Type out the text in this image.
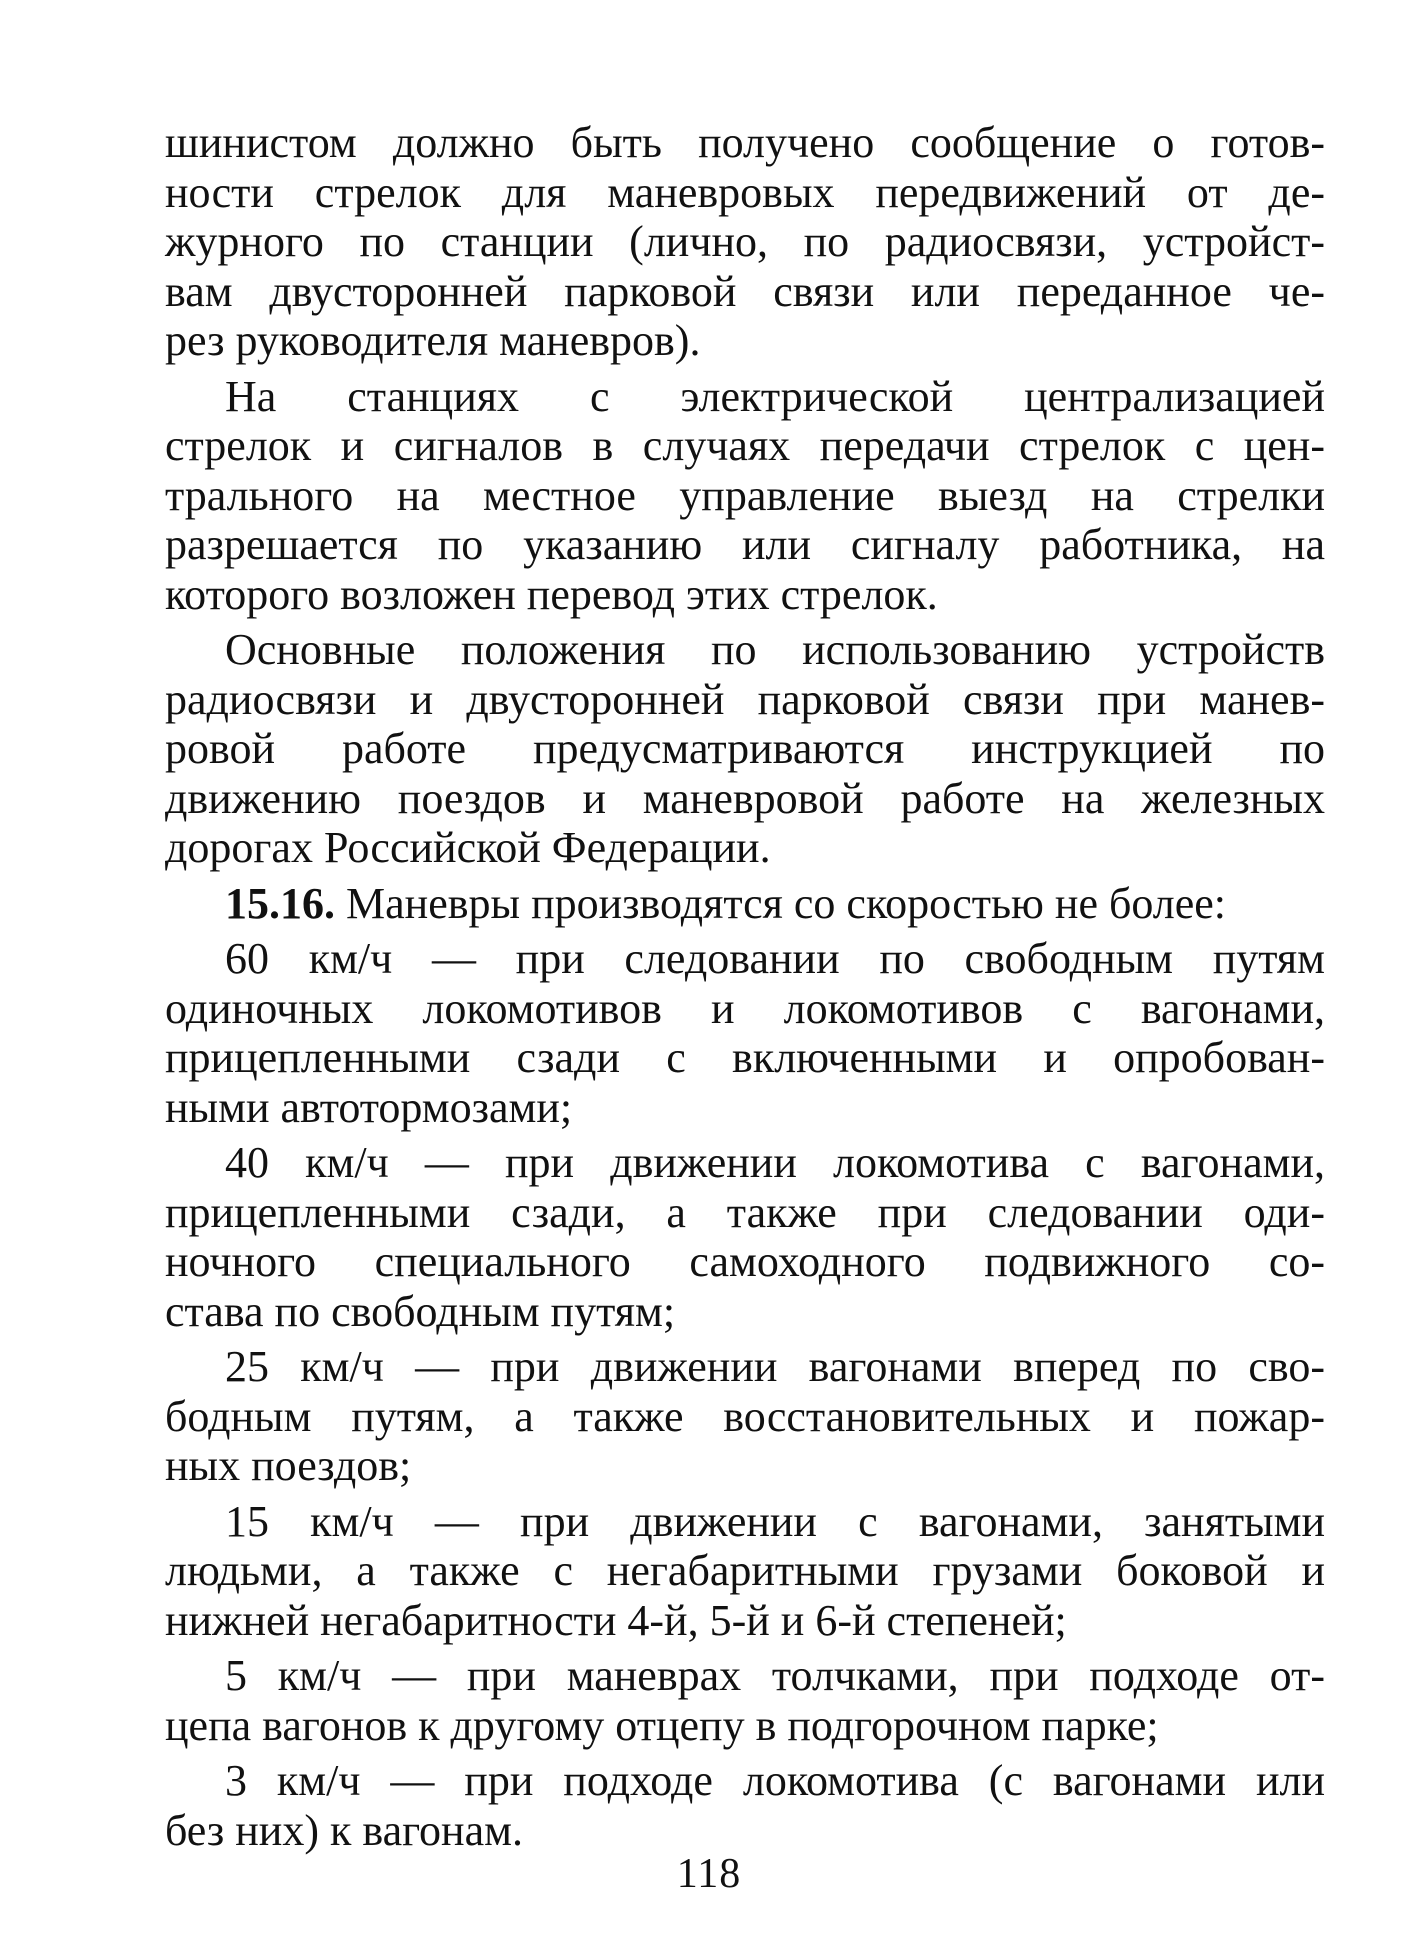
шинистом должно быть получено сообщение о готов-
ности стрелок для маневровых передвижений от де-
журного по станции (лично, по радиосвязи, устройст-
вам двусторонней парковой связи или переданное че-
рез руководителя маневров).

На станциях с электрической централизацией
стрелок и сигналов в случаях передачи стрелок с цен-
трального на местное управление выезд на стрелки
разрешается по указанию или сигналу работника, на
которого возложен перевод этих стрелок.

Основные положения по использованию устройств
радиосвязи и двусторонней парковой связи при манев-
ровой работе предусматриваются инструкцией по
движению поездов и маневровой работе на железных
дорогах Российской Федерации.

15.16. Маневры производятся со скоростью не более:

60 км/ч — при следовании по свободным путям
одиночных локомотивов и локомотивов с вагонами,
прицепленными сзади с включенными и опробован-
ными автотормозами;

40 км/ч — при движении локомотива с вагонами,
прицепленными сзади, а также при следовании оди-
ночного специального самоходного подвижного со-
става по свободным путям;

25 км/ч — при движении вагонами вперед по сво-
бодным путям, а также восстановительных и пожар-
ных поездов;

15 км/ч — при движении с вагонами, занятыми
людьми, а также с негабаритными грузами боковой и
нижней негабаритности 4-й, 5-й и 6-й степеней;

5 км/ч — при маневрах толчками, при подходе от-
цепа вагонов к другому отцепу в подгорочном парке;

3 км/ч — при подходе локомотива (с вагонами или
без них) к вагонам.

118
